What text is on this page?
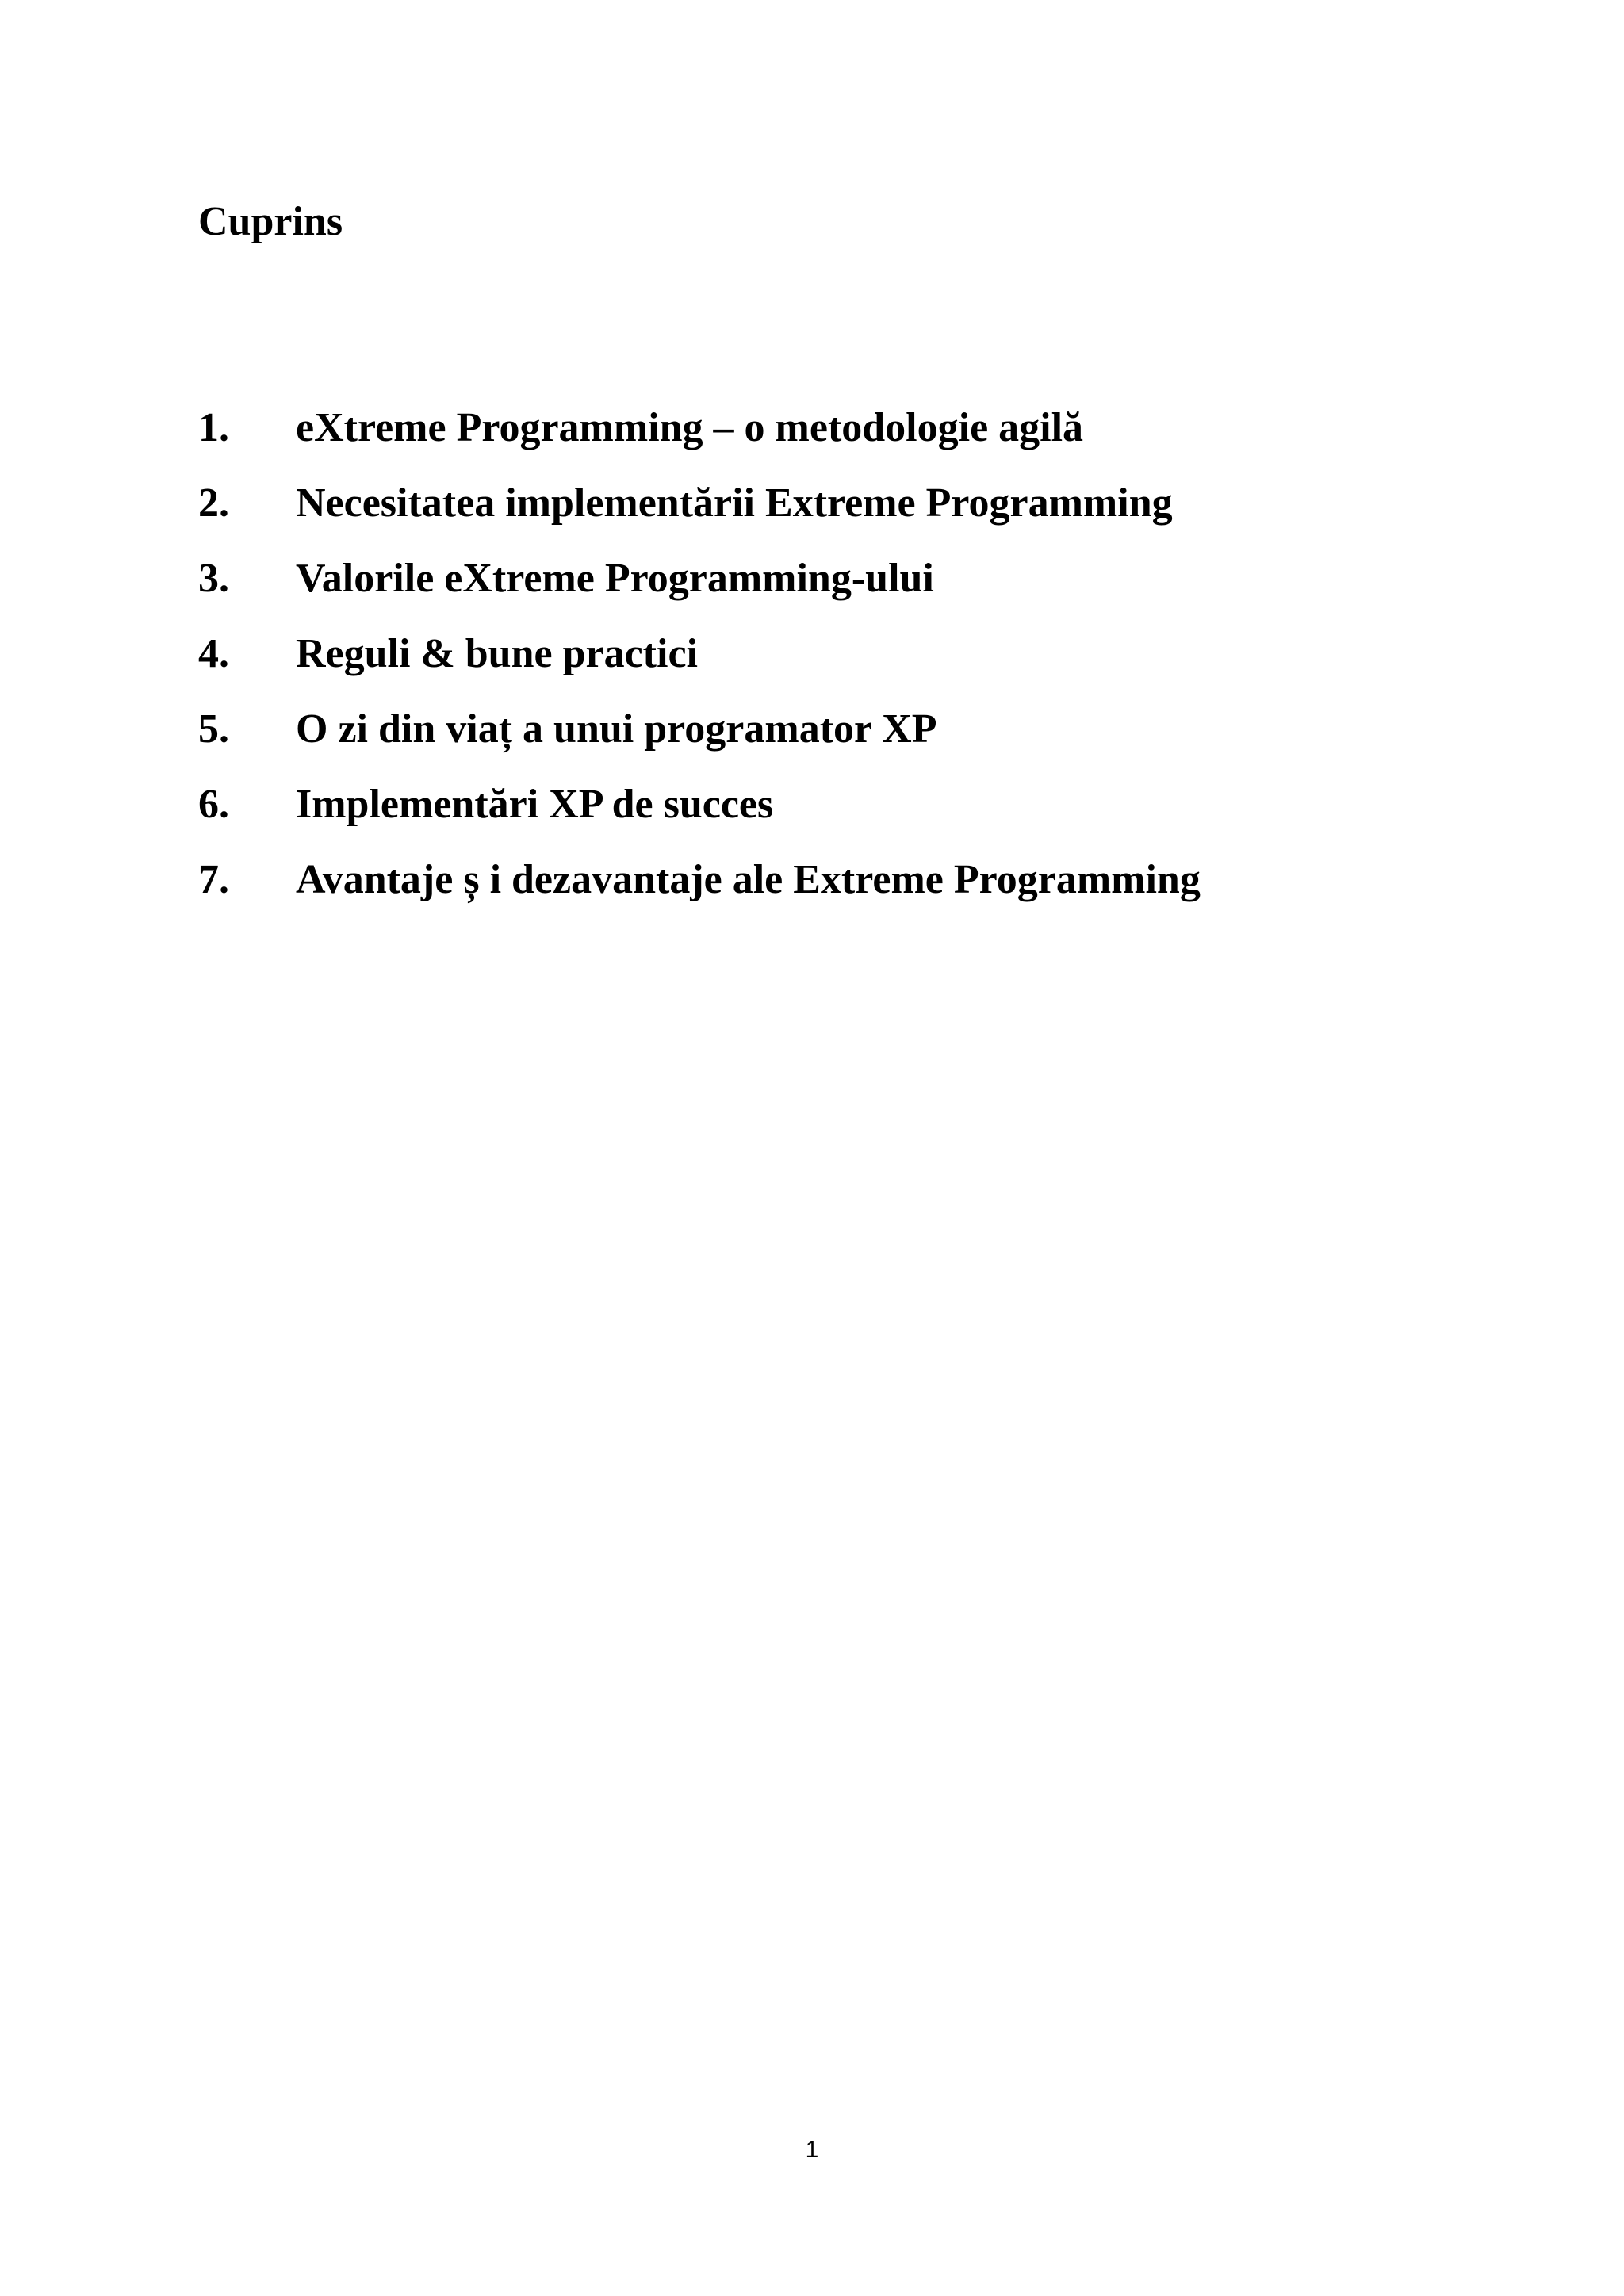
Cuprins
1. eXtreme Programming – o metodologie agilă
2. Necesitatea implementării Extreme Programming
3. Valorile eXtreme Programming-ului
4. Reguli & bune practici
5. O zi din viaț a unui programator XP
6. Implementări XP de succes
7. Avantaje ș i dezavantaje ale Extreme Programming
1
